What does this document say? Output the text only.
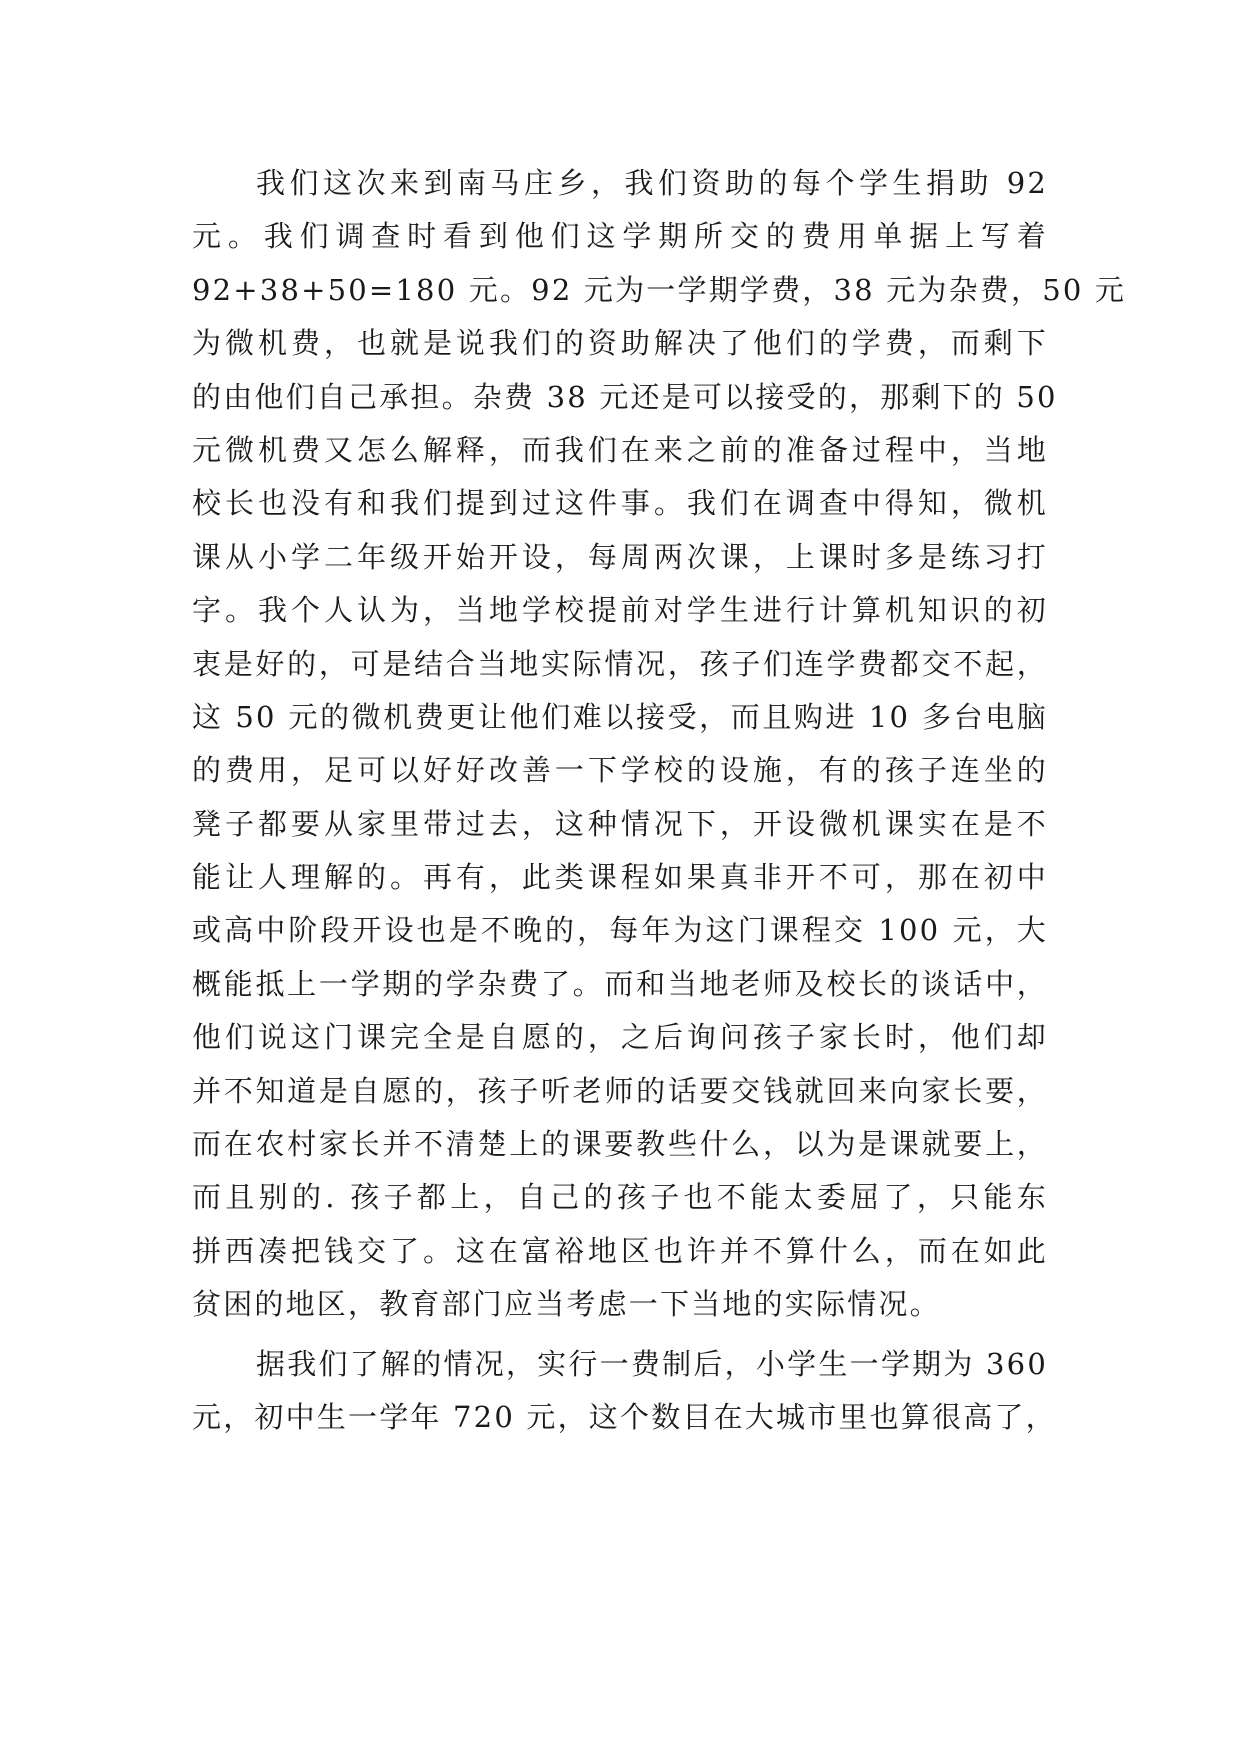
我们这次来到南马庄乡，我们资助的每个学生捐助 92
元。我们调查时看到他们这学期所交的费用单据上写着
92+38+50=180 元。92 元为一学期学费，38 元为杂费，50 元
为微机费，也就是说我们的资助解决了他们的学费，而剩下
的由他们自己承担。杂费 38 元还是可以接受的，那剩下的 50
元微机费又怎么解释，而我们在来之前的准备过程中，当地
校长也没有和我们提到过这件事。我们在调查中得知，微机
课从小学二年级开始开设，每周两次课，上课时多是练习打
字。我个人认为，当地学校提前对学生进行计算机知识的初
衷是好的，可是结合当地实际情况，孩子们连学费都交不起，
这 50 元的微机费更让他们难以接受，而且购进 10 多台电脑
的费用，足可以好好改善一下学校的设施，有的孩子连坐的
凳子都要从家里带过去，这种情况下，开设微机课实在是不
能让人理解的。再有，此类课程如果真非开不可，那在初中
或高中阶段开设也是不晚的，每年为这门课程交 100 元，大
概能抵上一学期的学杂费了。而和当地老师及校长的谈话中，
他们说这门课完全是自愿的，之后询问孩子家长时，他们却
并不知道是自愿的，孩子听老师的话要交钱就回来向家长要，
而在农村家长并不清楚上的课要教些什么，以为是课就要上，
而且别的. 孩子都上，自己的孩子也不能太委屈了，只能东
拼西凑把钱交了。这在富裕地区也许并不算什么，而在如此
贫困的地区，教育部门应当考虑一下当地的实际情况。
据我们了解的情况，实行一费制后，小学生一学期为 360
元，初中生一学年 720 元，这个数目在大城市里也算很高了，
